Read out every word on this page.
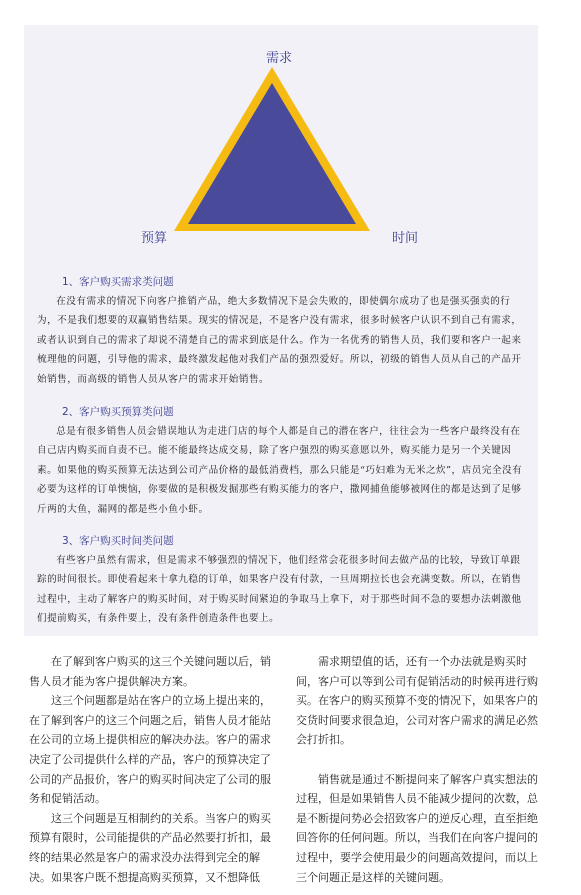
需求
预算	时间
1、客户购买需求类问题

在没有需求的情况下向客户推销产品，绝大多数情况下是会失败的，即使偶尔成功了也是强买强卖的行为，不是我们想要的双赢销售结果。现实的情况是，不是客户没有需求，很多时候客户认识不到自己有需求，或者认识到自己的需求了却说不清楚自己的需求到底是什么。作为一名优秀的销售人员，我们要和客户一起来梳理他的问题，引导他的需求，最终激发起他对我们产品的强烈爱好。所以，初级的销售人员从自己的产品开始销售，而高级的销售人员从客户的需求开始销售。

2、客户购买预算类问题

总是有很多销售人员会错误地认为走进门店的每个人都是自己的潜在客户，往往会为一些客户最终没有在自己店内购买而自责不已。能不能最终达成交易，除了客户强烈的购买意愿以外，购买能力是另一个关键因素。如果他的购买预算无法达到公司产品价格的最低消费档，那么只能是“巧妇难为无米之炊”，店员完全没有必要为这样的订单懊恼，你要做的是积极发掘那些有购买能力的客户，撒网捕鱼能够被网住的都是达到了足够斤两的大鱼，漏网的都是些小鱼小虾。

3、客户购买时间类问题

有些客户虽然有需求，但是需求不够强烈的情况下，他们经常会花很多时间去做产品的比较，导致订单跟踪的时间很长。即使看起来十拿九稳的订单，如果客户没有付款，一旦周期拉长也会充满变数。所以，在销售过程中，主动了解客户的购买时间，对于购买时间紧迫的争取马上拿下，对于那些时间不急的要想办法刺激他们提前购买，有条件要上，没有条件创造条件也要上。

在了解到客户购买的这三个关键问题以后，销售人员才能为客户提供解决方案。

这三个问题都是站在客户的立场上提出来的，在了解到客户的这三个问题之后，销售人员才能站在公司的立场上提供相应的解决办法。客户的需求决定了公司提供什么样的产品，客户的预算决定了公司的产品报价，客户的购买时间决定了公司的服务和促销活动。

这三个问题是互相制约的关系。当客户的购买预算有限时，公司能提供的产品必然要打折扣，最终的结果必然是客户的需求没办法得到完全的解决。如果客户既不想提高购买预算，又不想降低

需求期望值的话，还有一个办法就是购买时间，客户可以等到公司有促销活动的时候再进行购买。在客户的购买预算不变的情况下，如果客户的交货时间要求很急迫，公司对客户需求的满足必然会打折扣。

销售就是通过不断提问来了解客户真实想法的过程，但是如果销售人员不能减少提问的次数，总是不断提问势必会招致客户的逆反心理，直至拒绝回答你的任何问题。所以，当我们在向客户提问的过程中，要学会使用最少的问题高效提问，而以上三个问题正是这样的关键问题。
